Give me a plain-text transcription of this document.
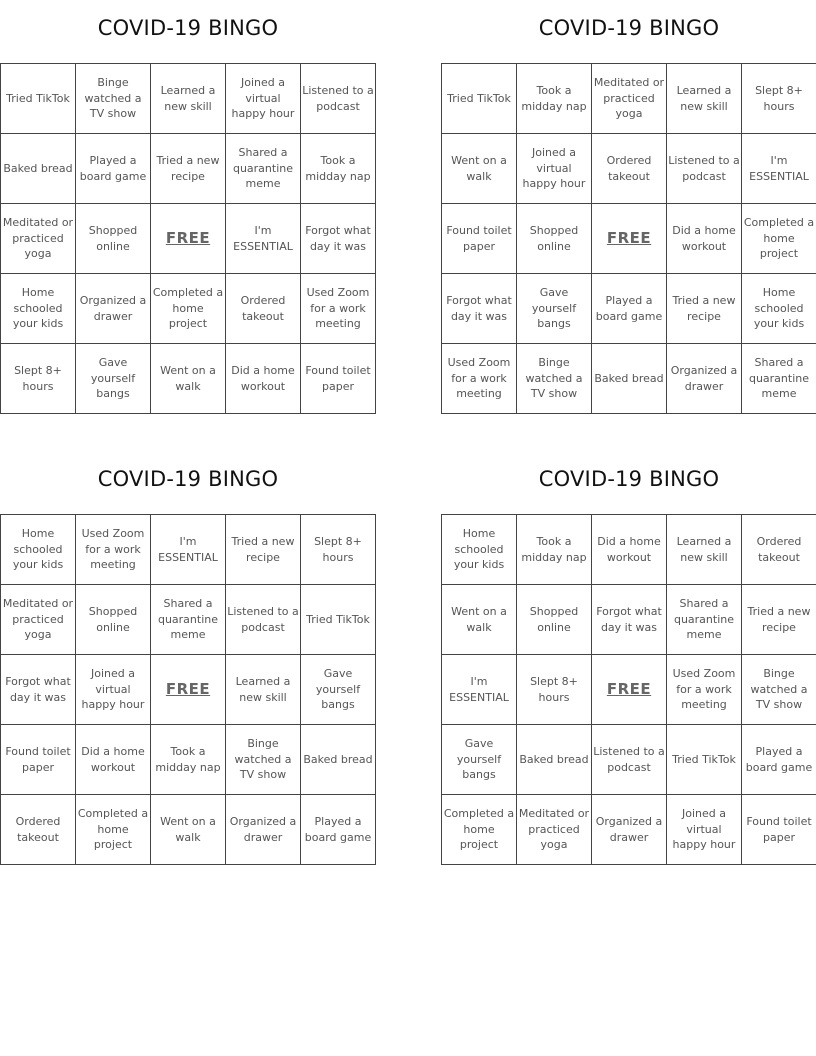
COVID-19 BINGO
Tried TikTok	Binge watched a TV show	Learned a new skill	Joined a virtual happy hour	Listened to a podcast
Baked bread	Played a board game	Tried a new recipe	Shared a quarantine meme	Took a midday nap
Meditated or practiced yoga	Shopped online	FREE	I'm ESSENTIAL	Forgot what day it was
Home schooled your kids	Organized a drawer	Completed a home project	Ordered takeout	Used Zoom for a work meeting
Slept 8+ hours	Gave yourself bangs	Went on a walk	Did a home workout	Found toilet paper
COVID-19 BINGO
Tried TikTok	Took a midday nap	Meditated or practiced yoga	Learned a new skill	Slept 8+ hours
Went on a walk	Joined a virtual happy hour	Ordered takeout	Listened to a podcast	I'm ESSENTIAL
Found toilet paper	Shopped online	FREE	Did a home workout	Completed a home project
Forgot what day it was	Gave yourself bangs	Played a board game	Tried a new recipe	Home schooled your kids
Used Zoom for a work meeting	Binge watched a TV show	Baked bread	Organized a drawer	Shared a quarantine meme
COVID-19 BINGO
Home schooled your kids	Used Zoom for a work meeting	I'm ESSENTIAL	Tried a new recipe	Slept 8+ hours
Meditated or practiced yoga	Shopped online	Shared a quarantine meme	Listened to a podcast	Tried TikTok
Forgot what day it was	Joined a virtual happy hour	FREE	Learned a new skill	Gave yourself bangs
Found toilet paper	Did a home workout	Took a midday nap	Binge watched a TV show	Baked bread
Ordered takeout	Completed a home project	Went on a walk	Organized a drawer	Played a board game
COVID-19 BINGO
Home schooled your kids	Took a midday nap	Did a home workout	Learned a new skill	Ordered takeout
Went on a walk	Shopped online	Forgot what day it was	Shared a quarantine meme	Tried a new recipe
I'm ESSENTIAL	Slept 8+ hours	FREE	Used Zoom for a work meeting	Binge watched a TV show
Gave yourself bangs	Baked bread	Listened to a podcast	Tried TikTok	Played a board game
Completed a home project	Meditated or practiced yoga	Organized a drawer	Joined a virtual happy hour	Found toilet paper
